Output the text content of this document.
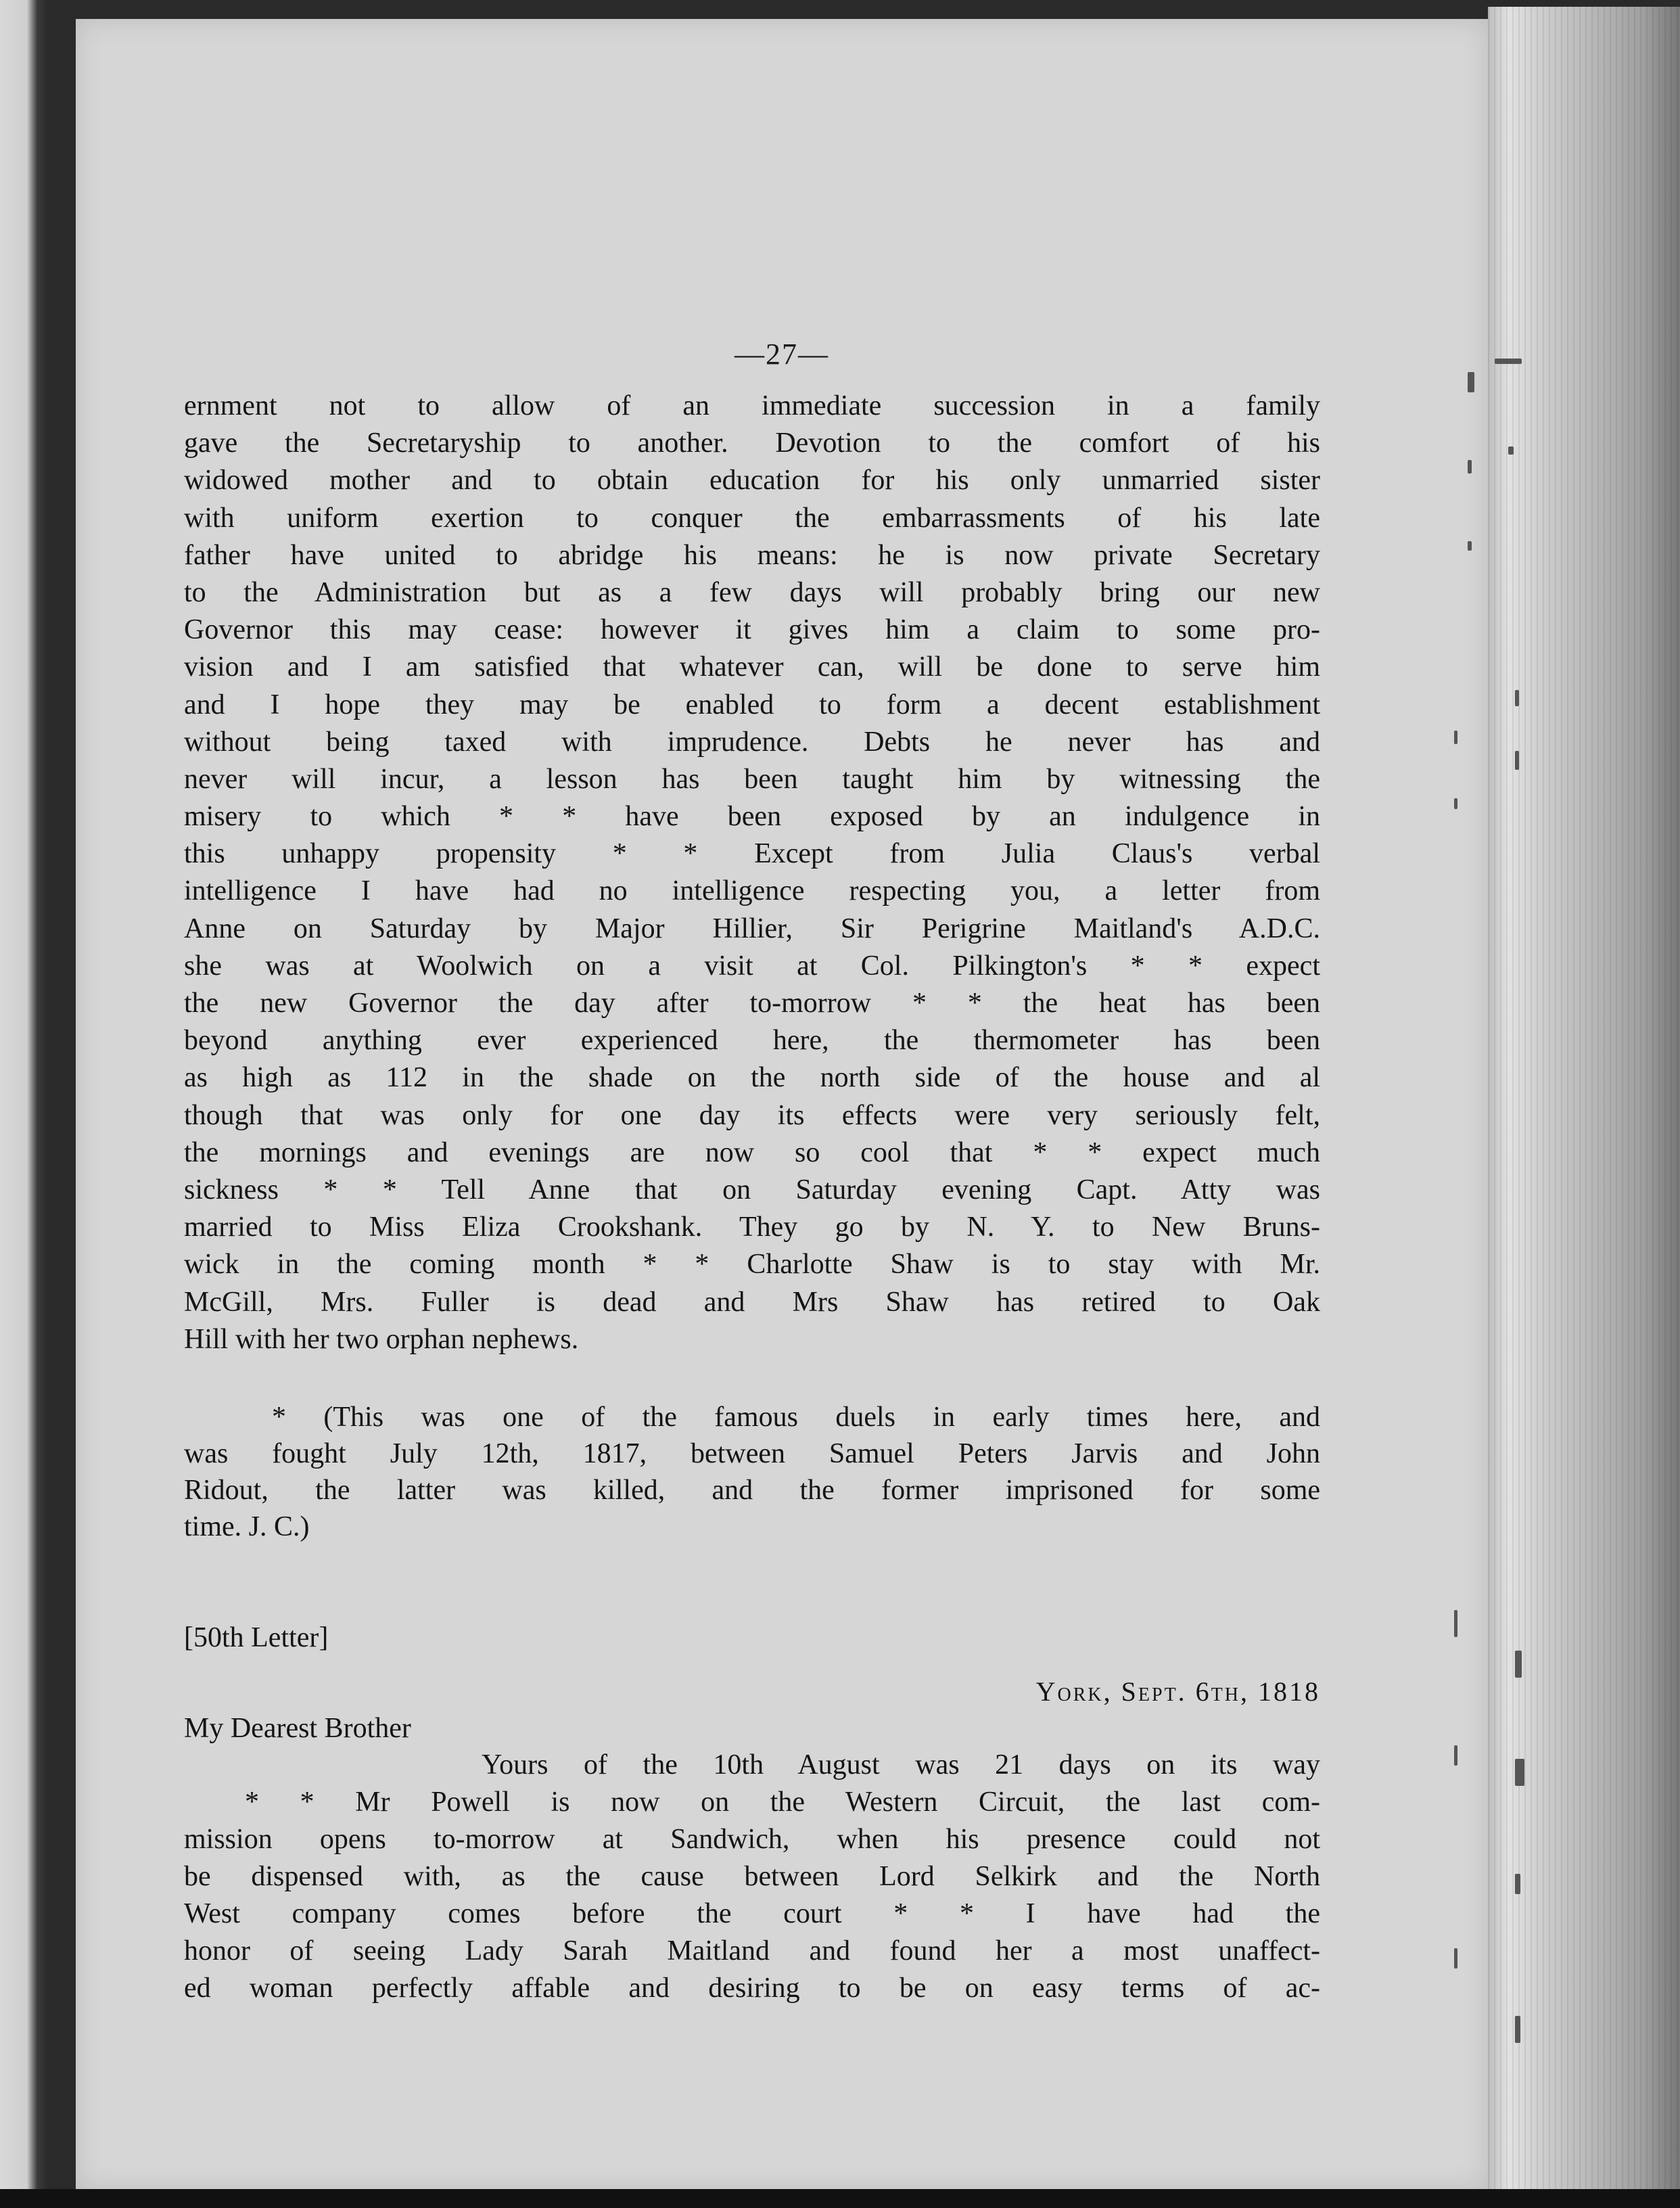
—27—
ernment not to allow of an immediate succession in a family
gave the Secretaryship to another. Devotion to the comfort of his
widowed mother and to obtain education for his only unmarried sister
with uniform exertion to conquer the embarrassments of his late
father have united to abridge his means: he is now private Secretary
to the Administration but as a few days will probably bring our new
Governor this may cease: however it gives him a claim to some pro-
vision and I am satisfied that whatever can, will be done to serve him
and I hope they may be enabled to form a decent establishment
without being taxed with imprudence. Debts he never has and
never will incur, a lesson has been taught him by witnessing the
misery to which * * have been exposed by an indulgence in
this unhappy propensity * * Except from Julia Claus's verbal
intelligence I have had no intelligence respecting you, a letter from
Anne on Saturday by Major Hillier, Sir Perigrine Maitland's A.D.C.
she was at Woolwich on a visit at Col. Pilkington's * * expect
the new Governor the day after to-morrow * * the heat has been
beyond anything ever experienced here, the thermometer has been
as high as 112 in the shade on the north side of the house and al
though that was only for one day its effects were very seriously felt,
the mornings and evenings are now so cool that * * expect much
sickness * * Tell Anne that on Saturday evening Capt. Atty was
married to Miss Eliza Crookshank. They go by N. Y. to New Bruns-
wick in the coming month * * Charlotte Shaw is to stay with Mr.
McGill, Mrs. Fuller is dead and Mrs Shaw has retired to Oak
Hill with her two orphan nephews.
* (This was one of the famous duels in early times here, and
was fought July 12th, 1817, between Samuel Peters Jarvis and John
Ridout, the latter was killed, and the former imprisoned for some
time. J. C.)
[50th Letter]
York, Sept. 6th, 1818
My Dearest Brother
Yours of the 10th August was 21 days on its way
* * Mr Powell is now on the Western Circuit, the last com-
mission opens to-morrow at Sandwich, when his presence could not
be dispensed with, as the cause between Lord Selkirk and the North
West company comes before the court * * I have had the
honor of seeing Lady Sarah Maitland and found her a most unaffect-
ed woman perfectly affable and desiring to be on easy terms of ac-
